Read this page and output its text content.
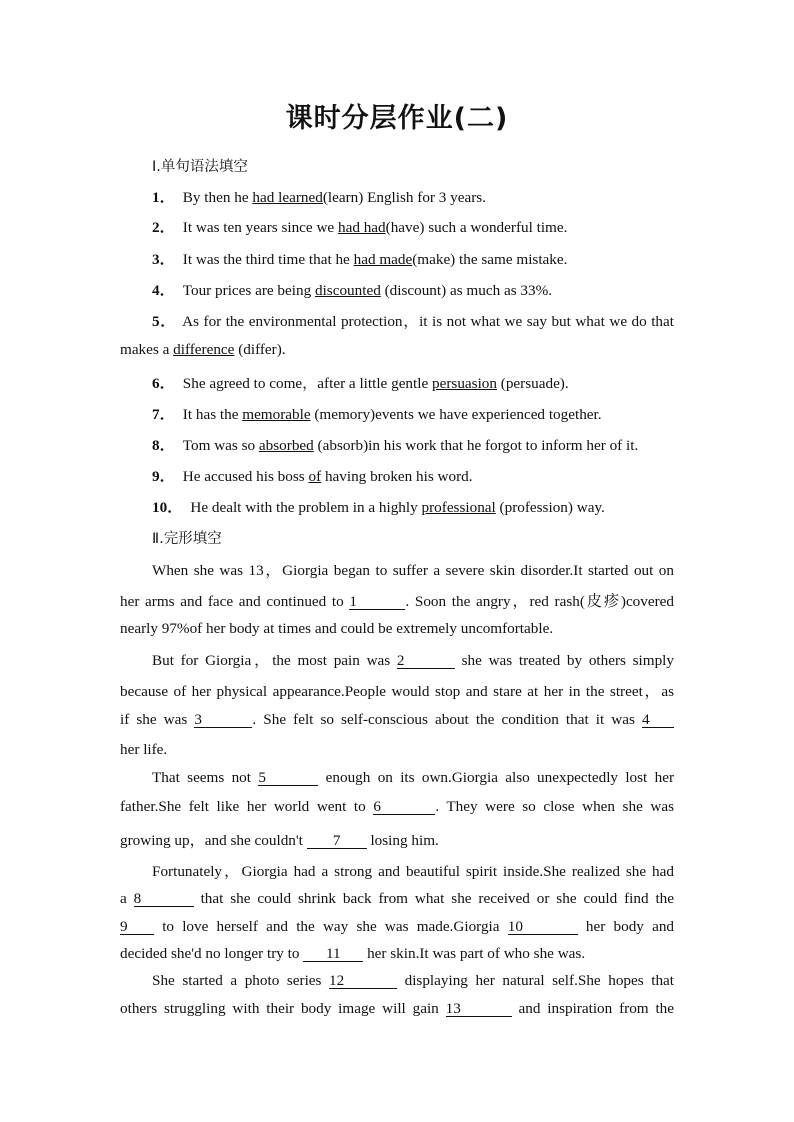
课时分层作业(二)
Ⅰ.单句语法填空
1． By then he had learned(learn) English for 3 years.
2． It was ten years since we had had(have) such a wonderful time.
3． It was the third time that he had made(make) the same mistake.
4． Tour prices are being discounted (discount) as much as 33%.
5． As for the environmental protection，it is not what we say but what we do that
makes a difference (differ).
6． She agreed to come，after a little gentle persuasion (persuade).
7． It has the memorable (memory)events we have experienced together.
8． Tom was so absorbed (absorb)in his work that he forgot to inform her of it.
9． He accused his boss of having broken his word.
10． He dealt with the problem in a highly professional (profession) way.
Ⅱ.完形填空
When she was 13，Giorgia began to suffer a severe skin disorder.It started out on
her arms and face and continued to 1	. Soon the angry，red rash(皮疹)covered
nearly 97%of her body at times and could be extremely uncomfortable.
But for Giorgia，the most pain was 2	she was treated by others simply
because of her physical appearance.People would stop and stare at her in the street，as
if she was 3	. She felt so self-conscious about the condition that it was 4
her life.
That seems not 5	enough on its own.Giorgia also unexpectedly lost her
father.She felt like her world went to 6	. They were so close when she was
growing up，and she couldn't 7 losing him.
Fortunately，Giorgia had a strong and beautiful spirit inside.She realized she had
a 8	that she could shrink back from what she received or she could find the
9 to love herself and the way she was made.Giorgia 10	her body and
decided she'd no longer try to 11 her skin.It was part of who she was.
She started a photo series 12	displaying her natural self.She hopes that
others struggling with their body image will gain 13	and inspiration from the
